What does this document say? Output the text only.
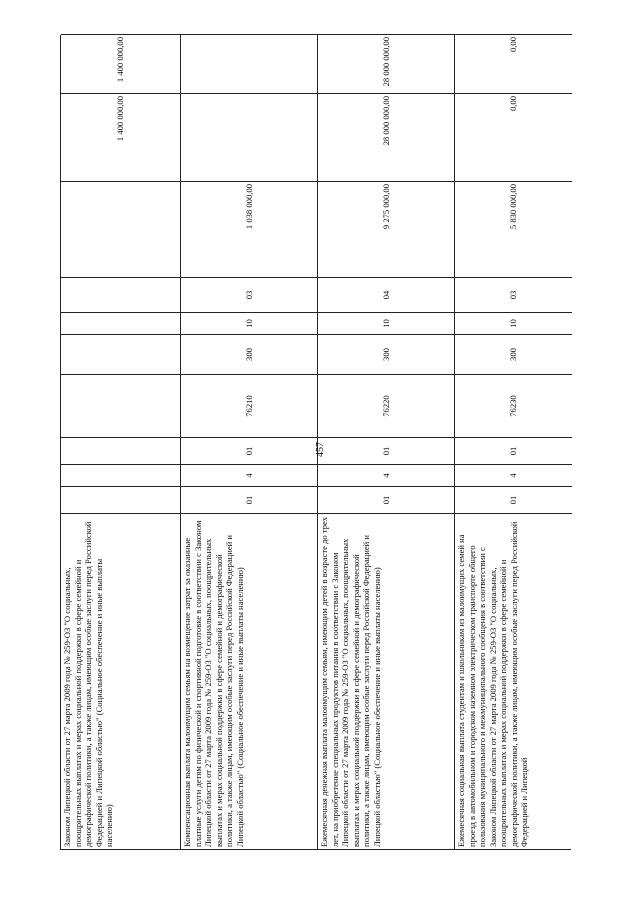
457
Законом Липецкой области от 27 марта 2009 года № 259-ОЗ "О социальных, поощрительных выплатах и мерах социальной поддержки в сфере семейной и демографической политики, а также лицам, имеющим особые заслуги перед Российской Федерацией и Липецкой областью" (Социальное обеспечение и иные выплаты населению)
1 400 000,00
1 400 000,00
Компенсационная выплата малоимущим семьям на возмещение затрат за оказанные платные услуги детям по физической и спортивной подготовке в соответствии с Законом Липецкой области от 27 марта 2009 года № 259-ОЗ "О социальных, поощрительных выплатах и мерах социальной поддержки в сфере семейной и демографической политики, а также лицам, имеющим особые заслуги перед Российской Федерацией и Липецкой областью" (Социальное обеспечение и иные выплаты населению)
01
4
01
76210
300
10
03
1 038 000,00
Ежемесячная денежная выплата малоимущим семьям, имеющим детей в возрасте до трех лет, на приобретение специальных продуктов питания в соответствии с Законом Липецкой области от 27 марта 2009 года № 259-ОЗ "О социальных, поощрительных выплатах и мерах социальной поддержки в сфере семейной и демографической политики, а также лицам, имеющим особые заслуги перед Российской Федерацией и Липецкой областью" (Социальное обеспечение и иные выплаты населению)
01
4
01
76220
300
10
04
9 275 000,00
28 000 000,00
28 000 000,00
Ежемесячная социальная выплата студентам и школьникам из малоимущих семей на проезд в автомобильном и городском наземном электрическом транспорте общего пользования муниципального и межмуниципального сообщения в соответствии с Законом Липецкой области от 27 марта 2009 года № 259-ОЗ "О социальных, поощрительных выплатах и мерах социальной поддержки в сфере семейной и демографической политики, а также лицам, имеющим особые заслуги перед Российской Федерацией и Липецкой
01
4
01
76230
300
10
03
5 830 000,00
0,00
0,00
